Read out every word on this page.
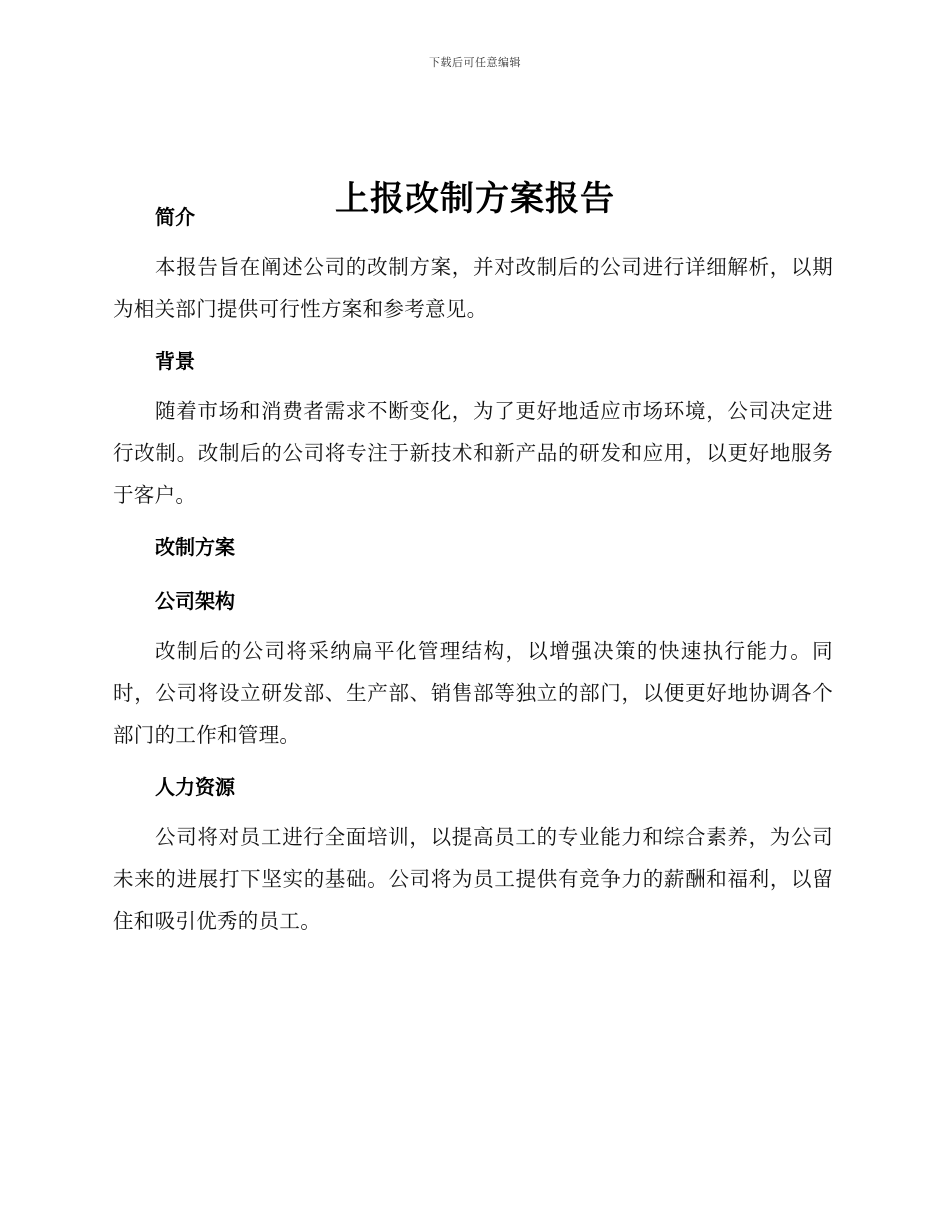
下载后可任意编辑
上报改制方案报告
简介

本报告旨在阐述公司的改制方案，并对改制后的公司进行详细解析，以期为相关部门提供可行性方案和参考意见。

背景

随着市场和消费者需求不断变化，为了更好地适应市场环境，公司决定进行改制。改制后的公司将专注于新技术和新产品的研发和应用，以更好地服务于客户。

改制方案
公司架构

改制后的公司将采纳扁平化管理结构，以增强决策的快速执行能力。同时，公司将设立研发部、生产部、销售部等独立的部门，以便更好地协调各个部门的工作和管理。

人力资源

公司将对员工进行全面培训，以提高员工的专业能力和综合素养，为公司未来的进展打下坚实的基础。公司将为员工提供有竞争力的薪酬和福利，以留住和吸引优秀的员工。
